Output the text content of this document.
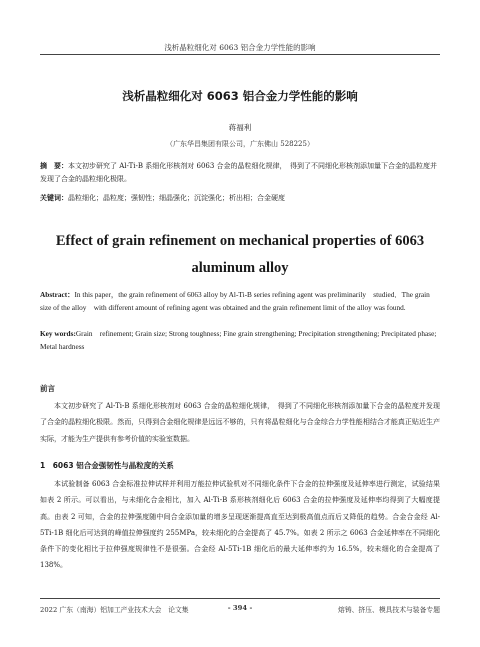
浅析晶粒细化对 6063 铝合金力学性能的影响
浅析晶粒细化对 6063 铝合金力学性能的影响
蒋福利
（广东华昌集团有限公司，广东佛山 528225）

摘　要：本文初步研究了 Al-Ti-B 系细化形核剂对 6063 合金的晶粒细化规律，　得到了不同细化形核剂添加量下合金的晶粒度并发现了合金的晶粒细化极限。

关键词：晶粒细化；晶粒度；强韧性；细晶强化；沉淀强化；析出相；合金硬度

Effect of grain refinement on mechanical properties of 6063 aluminum alloy

Abstract：In this paper，the grain refinement of 6063 alloy by Al-Ti-B series refining agent was preliminarily　studied．The grain size of the alloy　with different amount of refining agent was obtained and the grain refinement limit of the alloy was found.

Key words:Grain　refinement; Grain size; Strong toughness; Fine grain strengthening; Precipitation strengthening; Precipitated phase; Metal hardness

前言

本文初步研究了 Al-Ti-B 系细化形核剂对 6063 合金的晶粒细化规律，　得到了不同细化形核剂添加量下合金的晶粒度并发现了合金的晶粒细化极限。然而，只得到合金细化规律是远远不够的，只有将晶粒细化与合金综合力学性能相结合才能真正贴近生产实际，才能为生产提供有参考价值的实验室数据。

1　6063 铝合金强韧性与晶粒度的关系

本试验制备 6063 合金标准拉伸试样并利用万能拉伸试验机对不同细化条件下合金的拉伸强度及延伸率进行测定，试验结果如表 2 所示。可以看出，与未细化合金相比，加入 Al-Ti-B 系形核剂细化后 6063 合金的拉伸强度及延伸率均得到了大幅度提高。由表 2 可知，合金的拉伸强度随中间合金添加量的增多呈现逐渐提高直至达到极高值点而后又降低的趋势。合金合金经 Al-5Ti-1B 细化后可达到的峰值拉伸强度约 255MPa，较未细化的合金提高了 45.7%。如表 2 所示之 6063 合金延伸率在不同细化条件下的变化相比于拉伸强度规律性不是很强。合金经 Al-5Ti-1B 细化后的最大延伸率约为 16.5%，较未细化的合金提高了 138%。

2022 广东（南海）铝加工产业技术大会　论文集	- 394 -	熔铸、挤压、模具技术与装备专题
